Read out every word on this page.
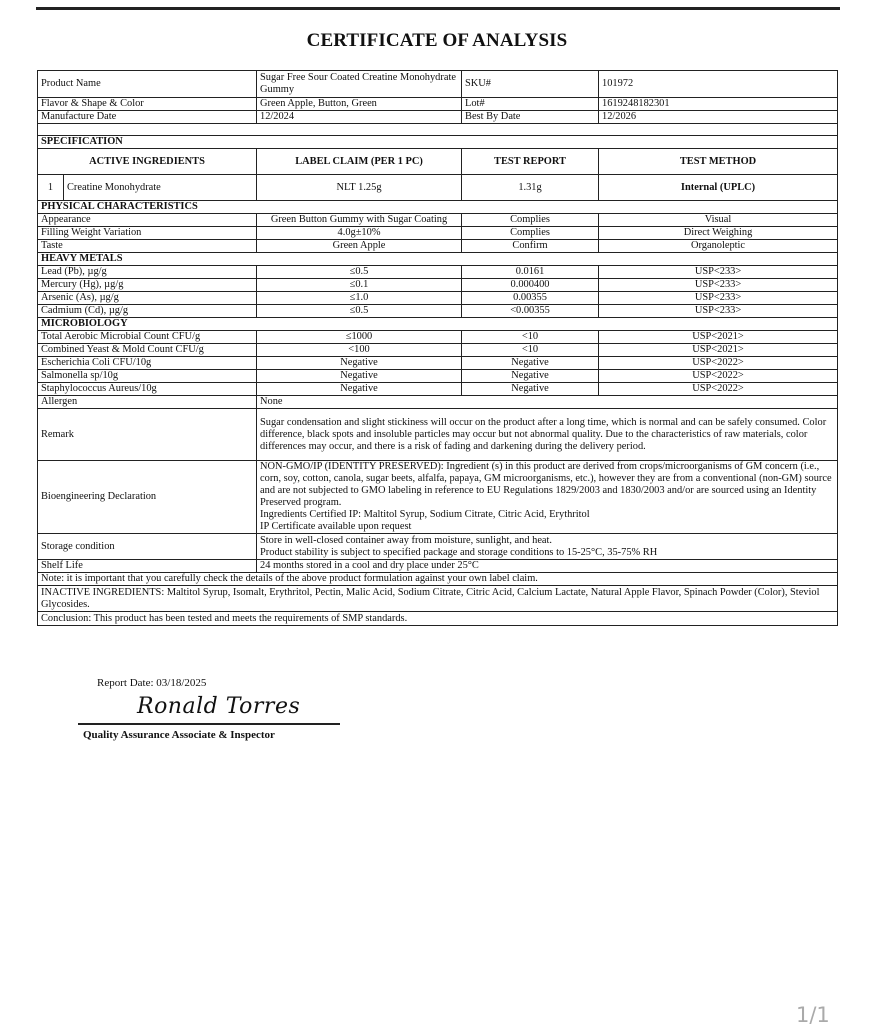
CERTIFICATE OF ANALYSIS
Product Name		Sugar Free Sour Coated Creatine Monohydrate Gummy	SKU#	101972
Flavor & Shape & Color		Green Apple, Button, Green	Lot#	1619248182301
Manufacture Date		12/2024	Best By Date	12/2026

SPECIFICATION				
ACTIVE INGREDIENTS		LABEL CLAIM (PER 1 PC)	TEST REPORT	TEST METHOD
1	Creatine Monohydrate	NLT 1.25g	1.31g	Internal (UPLC)
PHYSICAL CHARACTERISTICS				
Appearance		Green Button Gummy with Sugar Coating	Complies	Visual
Filling Weight Variation		4.0g±10%	Complies	Direct Weighing
Taste		Green Apple	Confirm	Organoleptic
HEAVY METALS				
Lead (Pb), µg/g		≤0.5	0.0161	USP<233>
Mercury (Hg), µg/g		≤0.1	0.000400	USP<233>
Arsenic (As), µg/g		≤1.0	0.00355	USP<233>
Cadmium (Cd), µg/g		≤0.5	<0.00355	USP<233>
MICROBIOLOGY				
Total Aerobic Microbial Count CFU/g		≤1000	<10	USP<2021>
Combined Yeast & Mold Count CFU/g		<100	<10	USP<2021>
Escherichia Coli CFU/10g		Negative	Negative	USP<2022>
Salmonella sp/10g		Negative	Negative	USP<2022>
Staphylococcus Aureus/10g		Negative	Negative	USP<2022>
Allergen		None		
Remark		Sugar condensation and slight stickiness will occur on the product after a long time, which is normal and can be safely consumed. Color difference, black spots and insoluble particles may occur but not abnormal quality. Due to the characteristics of raw materials, color differences may occur, and there is a risk of fading and darkening during the delivery period.		
Bioengineering Declaration		NON-GMO/IP (IDENTITY PRESERVED): Ingredient (s) in this product are derived from crops/microorganisms of GM concern (i.e., corn, soy, cotton, canola, sugar beets, alfalfa, papaya, GM microorganisms, etc.), however they are from a conventional (non-GM) source and are not subjected to GMO labeling in reference to EU Regulations 1829/2003 and 1830/2003 and/or are sourced using an Identity Preserved program.
Ingredients Certified IP: Maltitol Syrup, Sodium Citrate, Citric Acid, Erythritol
IP Certificate available upon request		

Storage condition		Store in well-closed container away from moisture, sunlight, and heat.
Product stability is subject to specified package and storage conditions to 15-25°C, 35-75% RH		

Shelf Life		24 months stored in a cool and dry place under 25°C		
Note: it is important that you carefully check the details of the above product formulation against your own label claim.				
INACTIVE INGREDIENTS: Maltitol Syrup, Isomalt, Erythritol, Pectin, Malic Acid, Sodium Citrate, Citric Acid, Calcium Lactate, Natural Apple Flavor, Spinach Powder (Color), Steviol Glycosides.				
Conclusion: This product has been tested and meets the requirements of SMP standards.				
Report Date: 03/18/2025
Ronald Torres
Quality Assurance Associate & Inspector
1/1
